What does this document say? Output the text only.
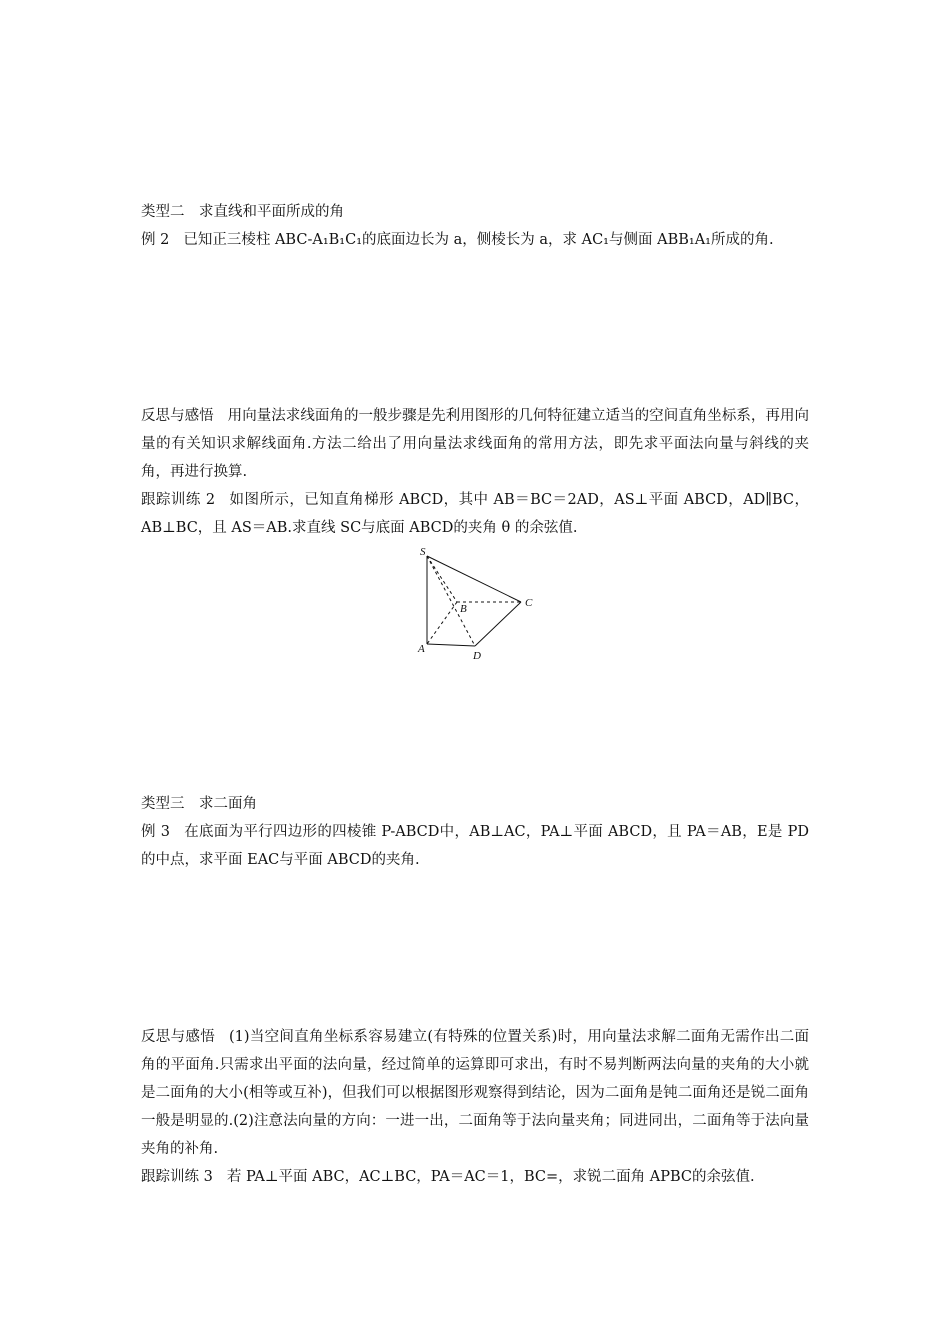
类型二　求直线和平面所成的角

例 2 已知正三棱柱 ABC-A₁B₁C₁的底面边长为 a，侧棱长为 a，求 AC₁与侧面 ABB₁A₁所成的角.

反思与感悟 用向量法求线面角的一般步骤是先利用图形的几何特征建立适当的空间直角坐标系，再用向量的有关知识求解线面角.方法二给出了用向量法求线面角的常用方法，即先求平面法向量与斜线的夹角，再进行换算.

跟踪训练 2 如图所示，已知直角梯形 ABCD，其中 AB＝BC＝2AD，AS⊥平面 ABCD，AD∥BC，AB⊥BC，且 AS＝AB.求直线 SC与底面 ABCD的夹角 θ 的余弦值.

S
B	C
A
D
类型三　求二面角

例 3 在底面为平行四边形的四棱锥 P-ABCD中，AB⊥AC，PA⊥平面 ABCD，且 PA＝AB，E是 PD的中点，求平面 EAC与平面 ABCD的夹角.

反思与感悟 (1)当空间直角坐标系容易建立(有特殊的位置关系)时，用向量法求解二面角无需作出二面角的平面角.只需求出平面的法向量，经过简单的运算即可求出，有时不易判断两法向量的夹角的大小就是二面角的大小(相等或互补)，但我们可以根据图形观察得到结论，因为二面角是钝二面角还是锐二面角一般是明显的.(2)注意法向量的方向：一进一出，二面角等于法向量夹角；同进同出，二面角等于法向量夹角的补角.

跟踪训练 3 若 PA⊥平面 ABC，AC⊥BC，PA＝AC＝1，BC=，求锐二面角 APBC的余弦值.
